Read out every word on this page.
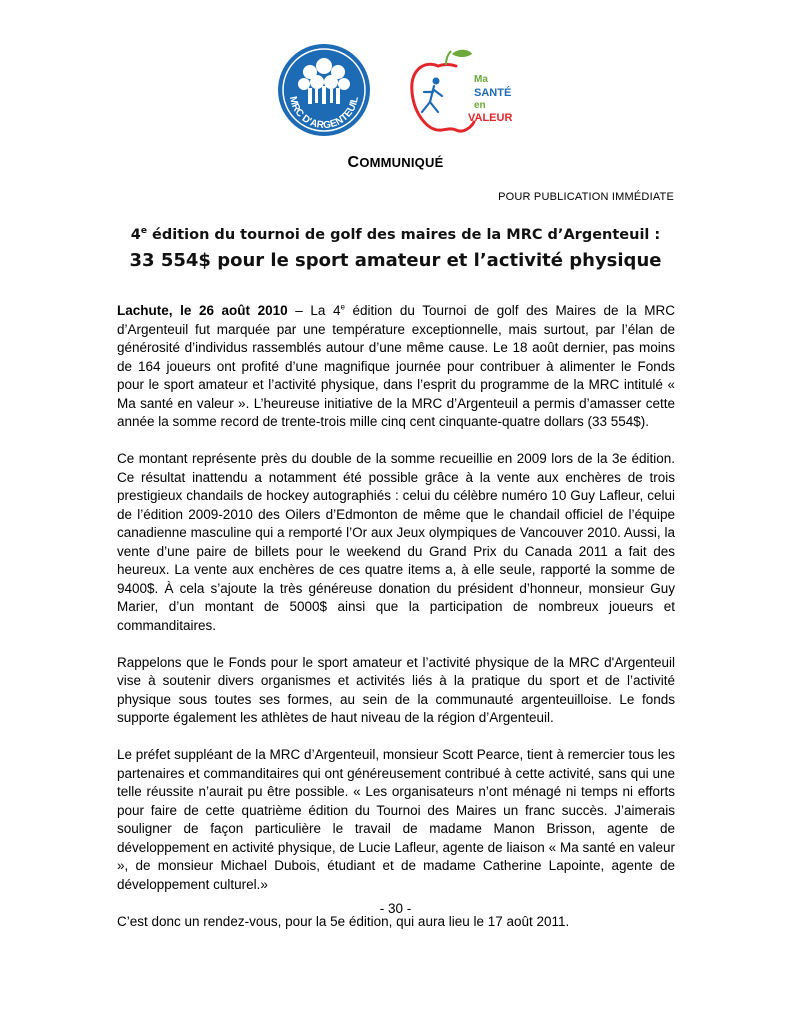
MRC D'ARGENTEUIL
Ma
SANTÉ
en
VALEUR
COMMUNIQUÉ
POUR PUBLICATION IMMÉDIATE
4e édition du tournoi de golf des maires de la MRC d’Argenteuil :
33 554$ pour le sport amateur et l’activité physique

Lachute, le 26 août 2010 – La 4e édition du Tournoi de golf des Maires de la MRC d’Argenteuil fut marquée par une température exceptionnelle, mais surtout, par l’élan de générosité d’individus rassemblés autour d’une même cause. Le 18 août dernier, pas moins de 164 joueurs ont profité d’une magnifique journée pour contribuer à alimenter le Fonds pour le sport amateur et l’activité physique, dans l’esprit du programme de la MRC intitulé « Ma santé en valeur ». L’heureuse initiative de la MRC d’Argenteuil a permis d’amasser cette année la somme record de trente-trois mille cinq cent cinquante-quatre dollars (33 554$).

Ce montant représente près du double de la somme recueillie en 2009 lors de la 3e édition. Ce résultat inattendu a notamment été possible grâce à la vente aux enchères de trois prestigieux chandails de hockey autographiés : celui du célèbre numéro 10 Guy Lafleur, celui de l’édition 2009-2010 des Oilers d’Edmonton de même que le chandail officiel de l’équipe canadienne masculine qui a remporté l’Or aux Jeux olympiques de Vancouver 2010. Aussi, la vente d’une paire de billets pour le weekend du Grand Prix du Canada 2011 a fait des heureux. La vente aux enchères de ces quatre items a, à elle seule, rapporté la somme de 9400$. À cela s’ajoute la très généreuse donation du président d’honneur, monsieur Guy Marier, d’un montant de 5000$ ainsi que la participation de nombreux joueurs et commanditaires.

Rappelons que le Fonds pour le sport amateur et l’activité physique de la MRC d'Argenteuil vise à soutenir divers organismes et activités liés à la pratique du sport et de l’activité physique sous toutes ses formes, au sein de la communauté argenteuilloise. Le fonds supporte également les athlètes de haut niveau de la région d’Argenteuil.

Le préfet suppléant de la MRC d’Argenteuil, monsieur Scott Pearce, tient à remercier tous les partenaires et commanditaires qui ont généreusement contribué à cette activité, sans qui une telle réussite n’aurait pu être possible. « Les organisateurs n’ont ménagé ni temps ni efforts pour faire de cette quatrième édition du Tournoi des Maires un franc succès. J’aimerais souligner de façon particulière le travail de madame Manon Brisson, agente de développement en activité physique, de Lucie Lafleur, agente de liaison « Ma santé en valeur », de monsieur Michael Dubois, étudiant et de madame Catherine Lapointe, agente de développement culturel.»

C’est donc un rendez-vous, pour la 5e édition, qui aura lieu le 17 août 2011.

- 30 -
